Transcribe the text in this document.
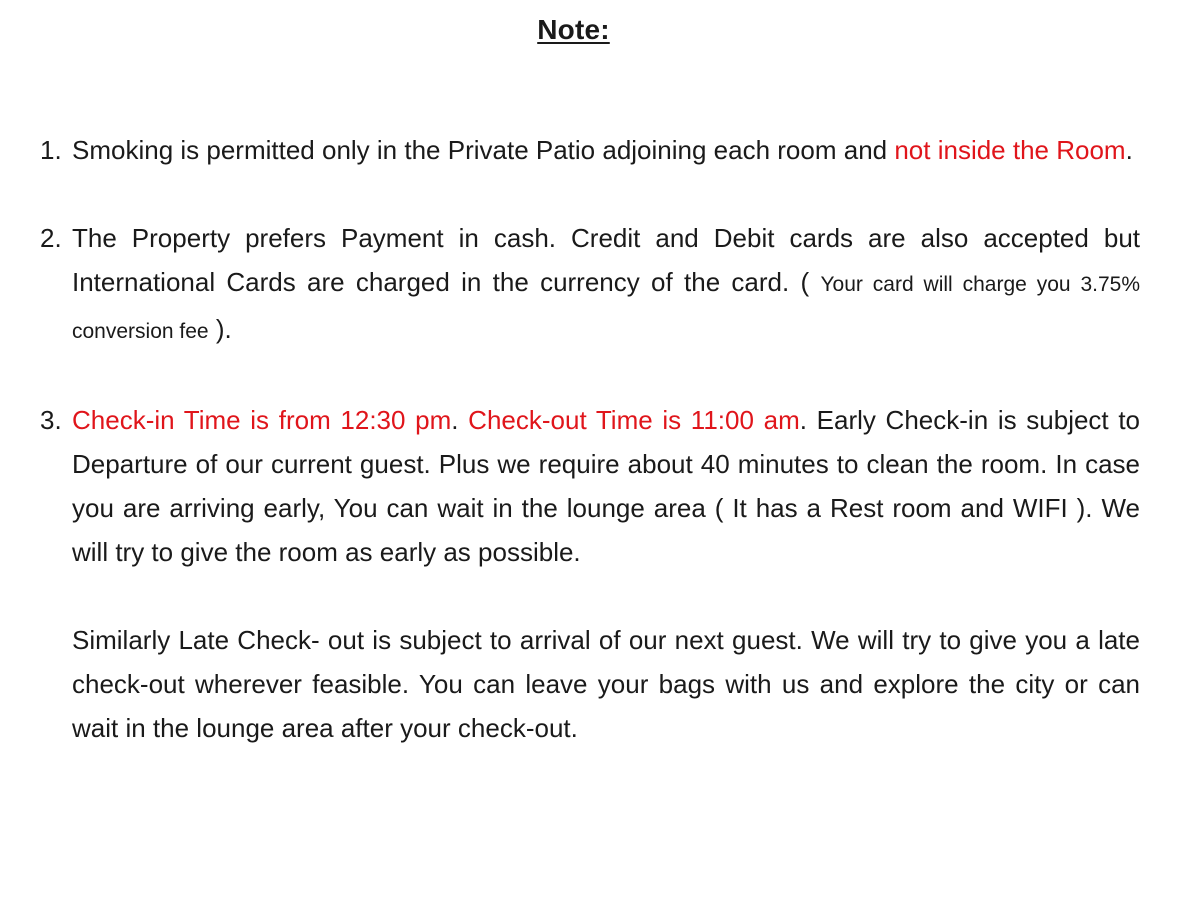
Note:
1. Smoking is permitted only in the Private Patio adjoining each room and not inside the Room.
2. The Property prefers Payment in cash. Credit and Debit cards are also accepted but International Cards are charged in the currency of the card. ( Your card will charge you 3.75% conversion fee ).
3. Check-in Time is from 12:30 pm. Check-out Time is 11:00 am. Early Check-in is subject to Departure of our current guest. Plus we require about 40 minutes to clean the room. In case you are arriving early, You can wait in the lounge area ( It has a Rest room and WIFI ). We will try to give the room as early as possible.

Similarly Late Check- out is subject to arrival of our next guest. We will try to give you a late check-out wherever feasible. You can leave your bags with us and explore the city or can wait in the lounge area after your check-out.
